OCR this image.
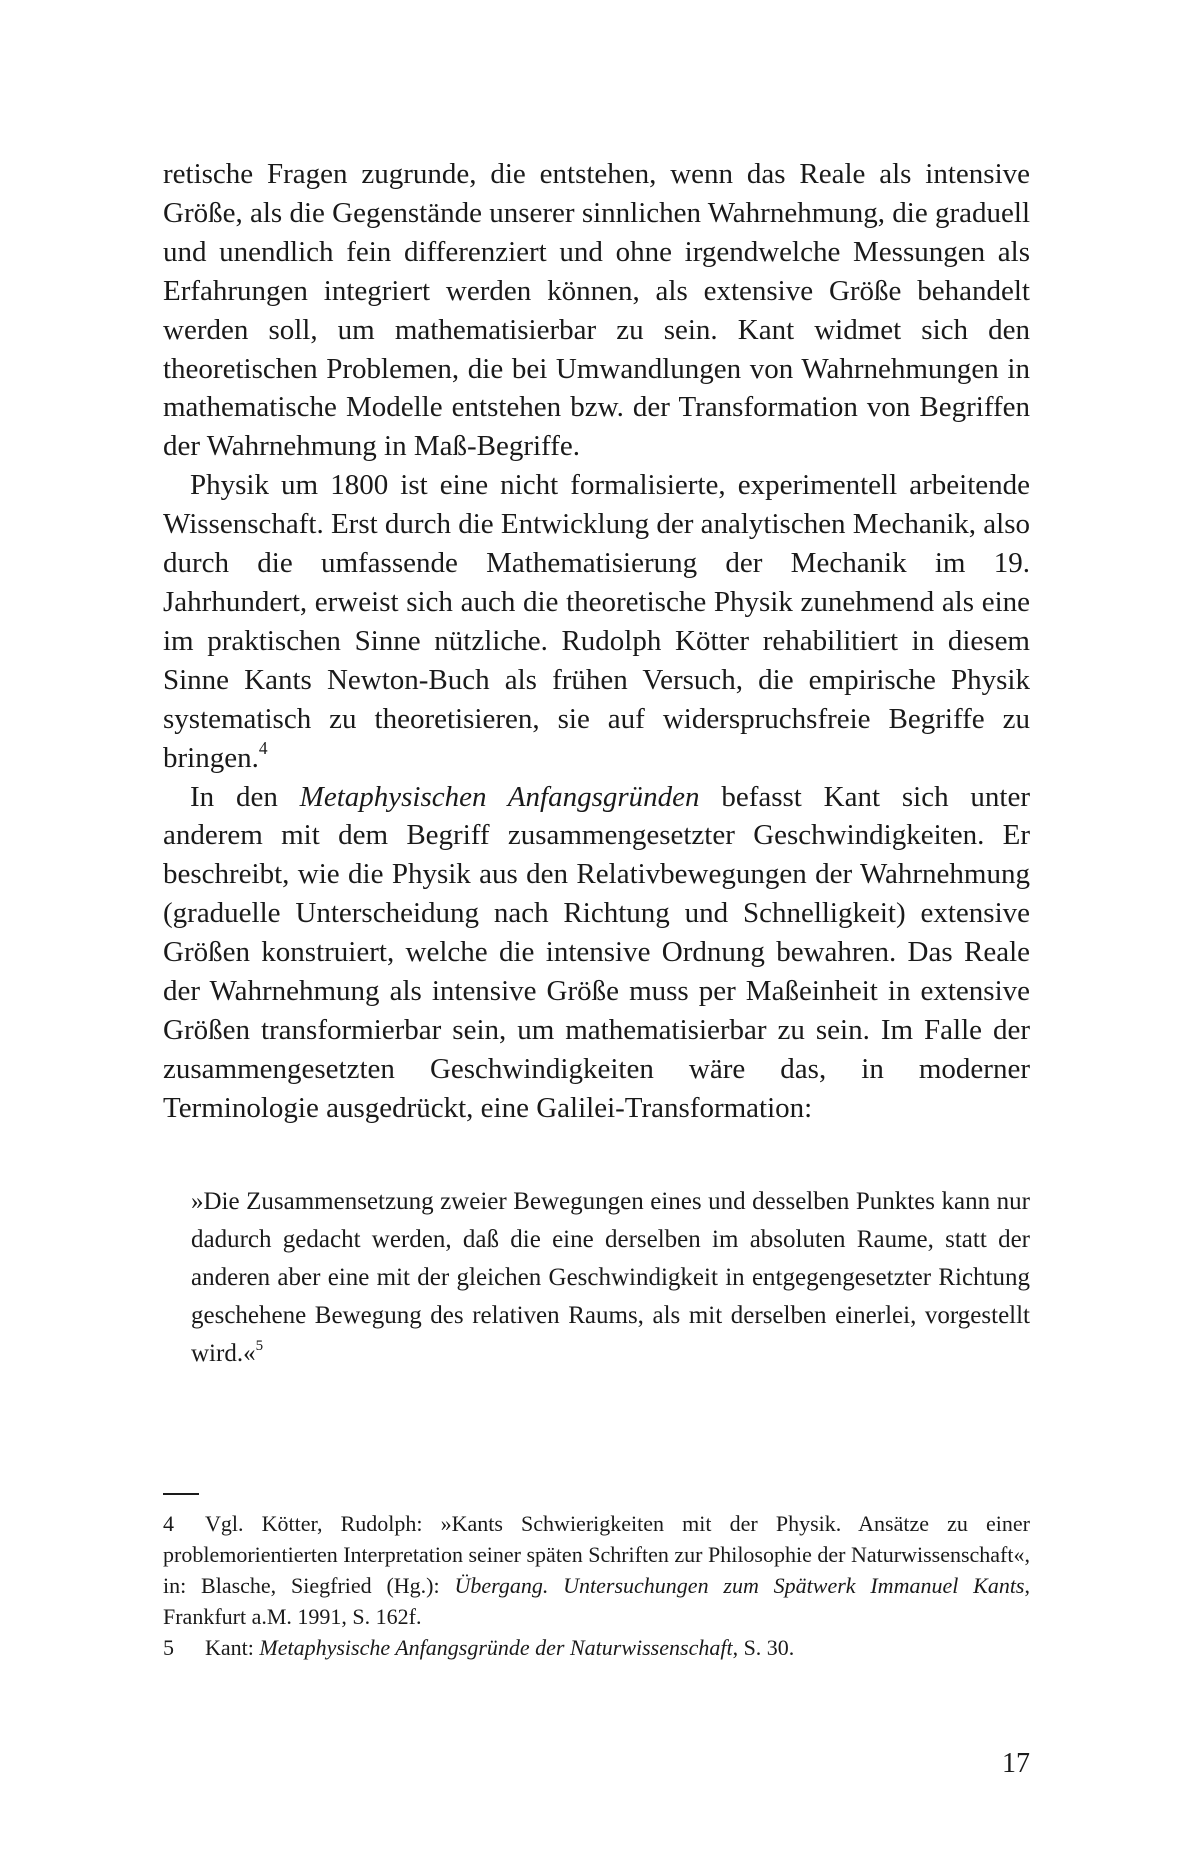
retische Fragen zugrunde, die entstehen, wenn das Reale als intensive Größe, als die Gegenstände unserer sinnlichen Wahrnehmung, die graduell und unendlich fein differenziert und ohne irgendwelche Messungen als Erfahrungen integriert werden können, als extensive Größe behandelt werden soll, um mathematisierbar zu sein. Kant widmet sich den theoretischen Problemen, die bei Umwandlungen von Wahrnehmungen in mathematische Modelle entstehen bzw. der Transformation von Begriffen der Wahrnehmung in Maß-Begriffe.

Physik um 1800 ist eine nicht formalisierte, experimentell arbeitende Wissenschaft. Erst durch die Entwicklung der analytischen Mechanik, also durch die umfassende Mathematisierung der Mechanik im 19. Jahrhundert, erweist sich auch die theoretische Physik zunehmend als eine im praktischen Sinne nützliche. Rudolph Kötter rehabilitiert in diesem Sinne Kants Newton-Buch als frühen Versuch, die empirische Physik systematisch zu theoretisieren, sie auf widerspruchsfreie Begriffe zu bringen.$^4$

In den Metaphysischen Anfangsgründen befasst Kant sich unter anderem mit dem Begriff zusammengesetzter Geschwindigkeiten. Er beschreibt, wie die Physik aus den Relativbewegungen der Wahrnehmung (graduelle Unterscheidung nach Richtung und Schnelligkeit) extensive Größen konstruiert, welche die intensive Ordnung bewahren. Das Reale der Wahrnehmung als intensive Größe muss per Maßeinheit in extensive Größen transformierbar sein, um mathematisierbar zu sein. Im Falle der zusammengesetzten Geschwindigkeiten wäre das, in moderner Terminologie ausgedrückt, eine Galilei-Transformation:

»Die Zusammensetzung zweier Bewegungen eines und desselben Punktes kann nur dadurch gedacht werden, daß die eine derselben im absoluten Raume, statt der anderen aber eine mit der gleichen Geschwindigkeit in entgegengesetzter Richtung geschehene Bewegung des relativen Raums, als mit derselben einerlei, vorgestellt wird.«$^5$

4 Vgl. Kötter, Rudolph: »Kants Schwierigkeiten mit der Physik. Ansätze zu einer problemorientierten Interpretation seiner späten Schriften zur Philosophie der Naturwissenschaft«, in: Blasche, Siegfried (Hg.): Übergang. Untersuchungen zum Spätwerk Immanuel Kants, Frankfurt a.M. 1991, S. 162f.

5 Kant: Metaphysische Anfangsgründe der Naturwissenschaft, S. 30.

17
